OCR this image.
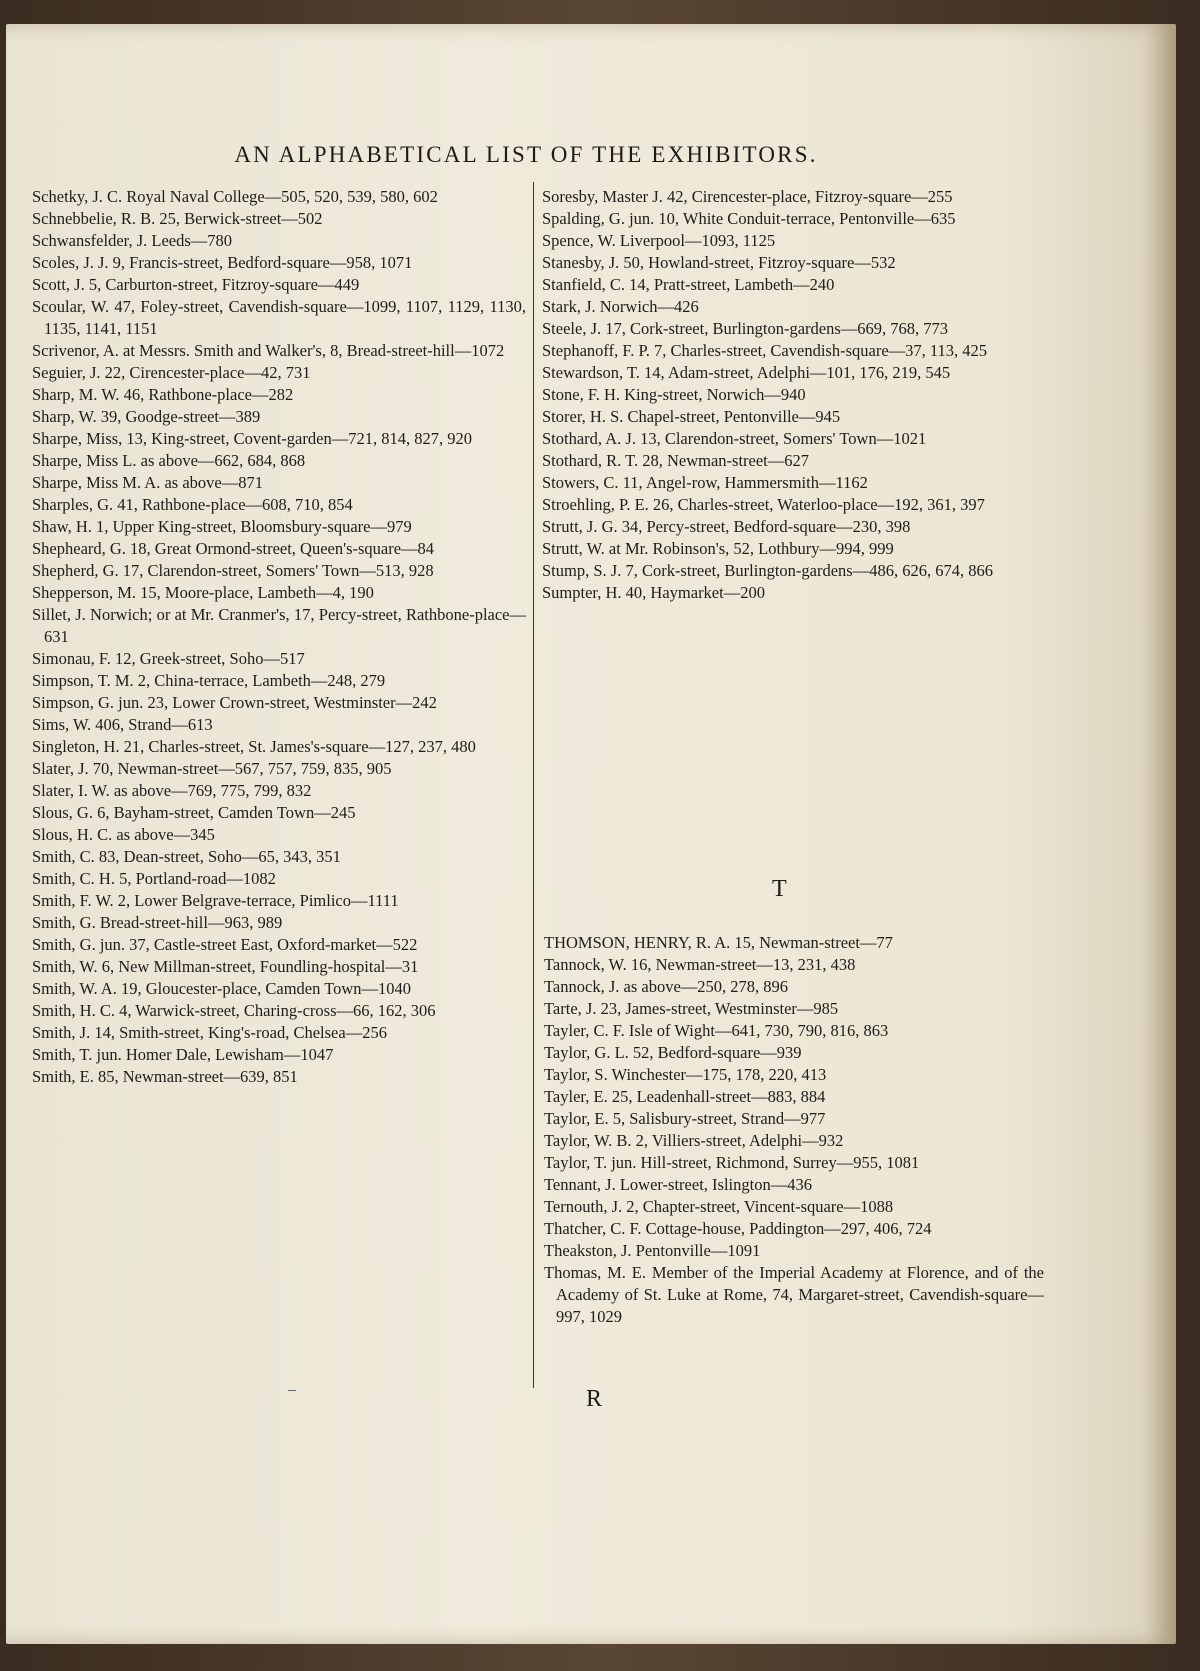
AN ALPHABETICAL LIST OF THE EXHIBITORS.

Schetky, J. C. Royal Naval College—505, 520, 539, 580, 602

Schnebbelie, R. B. 25, Berwick-street—502

Schwansfelder, J. Leeds—780

Scoles, J. J. 9, Francis-street, Bedford-square—958, 1071

Scott, J. 5, Carburton-street, Fitzroy-square—449

Scoular, W. 47, Foley-street, Cavendish-square—1099, 1107, 1129, 1130, 1135, 1141, 1151

Scrivenor, A. at Messrs. Smith and Walker's, 8, Bread-street-hill—1072

Seguier, J. 22, Cirencester-place—42, 731

Sharp, M. W. 46, Rathbone-place—282

Sharp, W. 39, Goodge-street—389

Sharpe, Miss, 13, King-street, Covent-garden—721, 814, 827, 920

Sharpe, Miss L. as above—662, 684, 868

Sharpe, Miss M. A. as above—871

Sharples, G. 41, Rathbone-place—608, 710, 854

Shaw, H. 1, Upper King-street, Bloomsbury-square—979

Shepheard, G. 18, Great Ormond-street, Queen's-square—84

Shepherd, G. 17, Clarendon-street, Somers' Town—513, 928

Shepperson, M. 15, Moore-place, Lambeth—4, 190

Sillet, J. Norwich; or at Mr. Cranmer's, 17, Percy-street, Rathbone-place—631

Simonau, F. 12, Greek-street, Soho—517

Simpson, T. M. 2, China-terrace, Lambeth—248, 279

Simpson, G. jun. 23, Lower Crown-street, Westminster—242

Sims, W. 406, Strand—613

Singleton, H. 21, Charles-street, St. James's-square—127, 237, 480

Slater, J. 70, Newman-street—567, 757, 759, 835, 905

Slater, I. W. as above—769, 775, 799, 832

Slous, G. 6, Bayham-street, Camden Town—245

Slous, H. C. as above—345

Smith, C. 83, Dean-street, Soho—65, 343, 351

Smith, C. H. 5, Portland-road—1082

Smith, F. W. 2, Lower Belgrave-terrace, Pimlico—1111

Smith, G. Bread-street-hill—963, 989

Smith, G. jun. 37, Castle-street East, Oxford-market—522

Smith, W. 6, New Millman-street, Foundling-hospital—31

Smith, W. A. 19, Gloucester-place, Camden Town—1040

Smith, H. C. 4, Warwick-street, Charing-cross—66, 162, 306

Smith, J. 14, Smith-street, King's-road, Chelsea—256

Smith, T. jun. Homer Dale, Lewisham—1047

Smith, E. 85, Newman-street—639, 851

Soresby, Master J. 42, Cirencester-place, Fitzroy-square—255

Spalding, G. jun. 10, White Conduit-terrace, Pentonville—635

Spence, W. Liverpool—1093, 1125

Stanesby, J. 50, Howland-street, Fitzroy-square—532

Stanfield, C. 14, Pratt-street, Lambeth—240

Stark, J. Norwich—426

Steele, J. 17, Cork-street, Burlington-gardens—669, 768, 773

Stephanoff, F. P. 7, Charles-street, Cavendish-square—37, 113, 425

Stewardson, T. 14, Adam-street, Adelphi—101, 176, 219, 545

Stone, F. H. King-street, Norwich—940

Storer, H. S. Chapel-street, Pentonville—945

Stothard, A. J. 13, Clarendon-street, Somers' Town—1021

Stothard, R. T. 28, Newman-street—627

Stowers, C. 11, Angel-row, Hammersmith—1162

Stroehling, P. E. 26, Charles-street, Waterloo-place—192, 361, 397

Strutt, J. G. 34, Percy-street, Bedford-square—230, 398

Strutt, W. at Mr. Robinson's, 52, Lothbury—994, 999

Stump, S. J. 7, Cork-street, Burlington-gardens—486, 626, 674, 866

Sumpter, H. 40, Haymarket—200

T

THOMSON, HENRY, R. A. 15, Newman-street—77

Tannock, W. 16, Newman-street—13, 231, 438

Tannock, J. as above—250, 278, 896

Tarte, J. 23, James-street, Westminster—985

Tayler, C. F. Isle of Wight—641, 730, 790, 816, 863

Taylor, G. L. 52, Bedford-square—939

Taylor, S. Winchester—175, 178, 220, 413

Tayler, E. 25, Leadenhall-street—883, 884

Taylor, E. 5, Salisbury-street, Strand—977

Taylor, W. B. 2, Villiers-street, Adelphi—932

Taylor, T. jun. Hill-street, Richmond, Surrey—955, 1081

Tennant, J. Lower-street, Islington—436

Ternouth, J. 2, Chapter-street, Vincent-square—1088

Thatcher, C. F. Cottage-house, Paddington—297, 406, 724

Theakston, J. Pentonville—1091

Thomas, M. E. Member of the Imperial Academy at Florence, and of the Academy of St. Luke at Rome, 74, Margaret-street, Cavendish-square—997, 1029

R
